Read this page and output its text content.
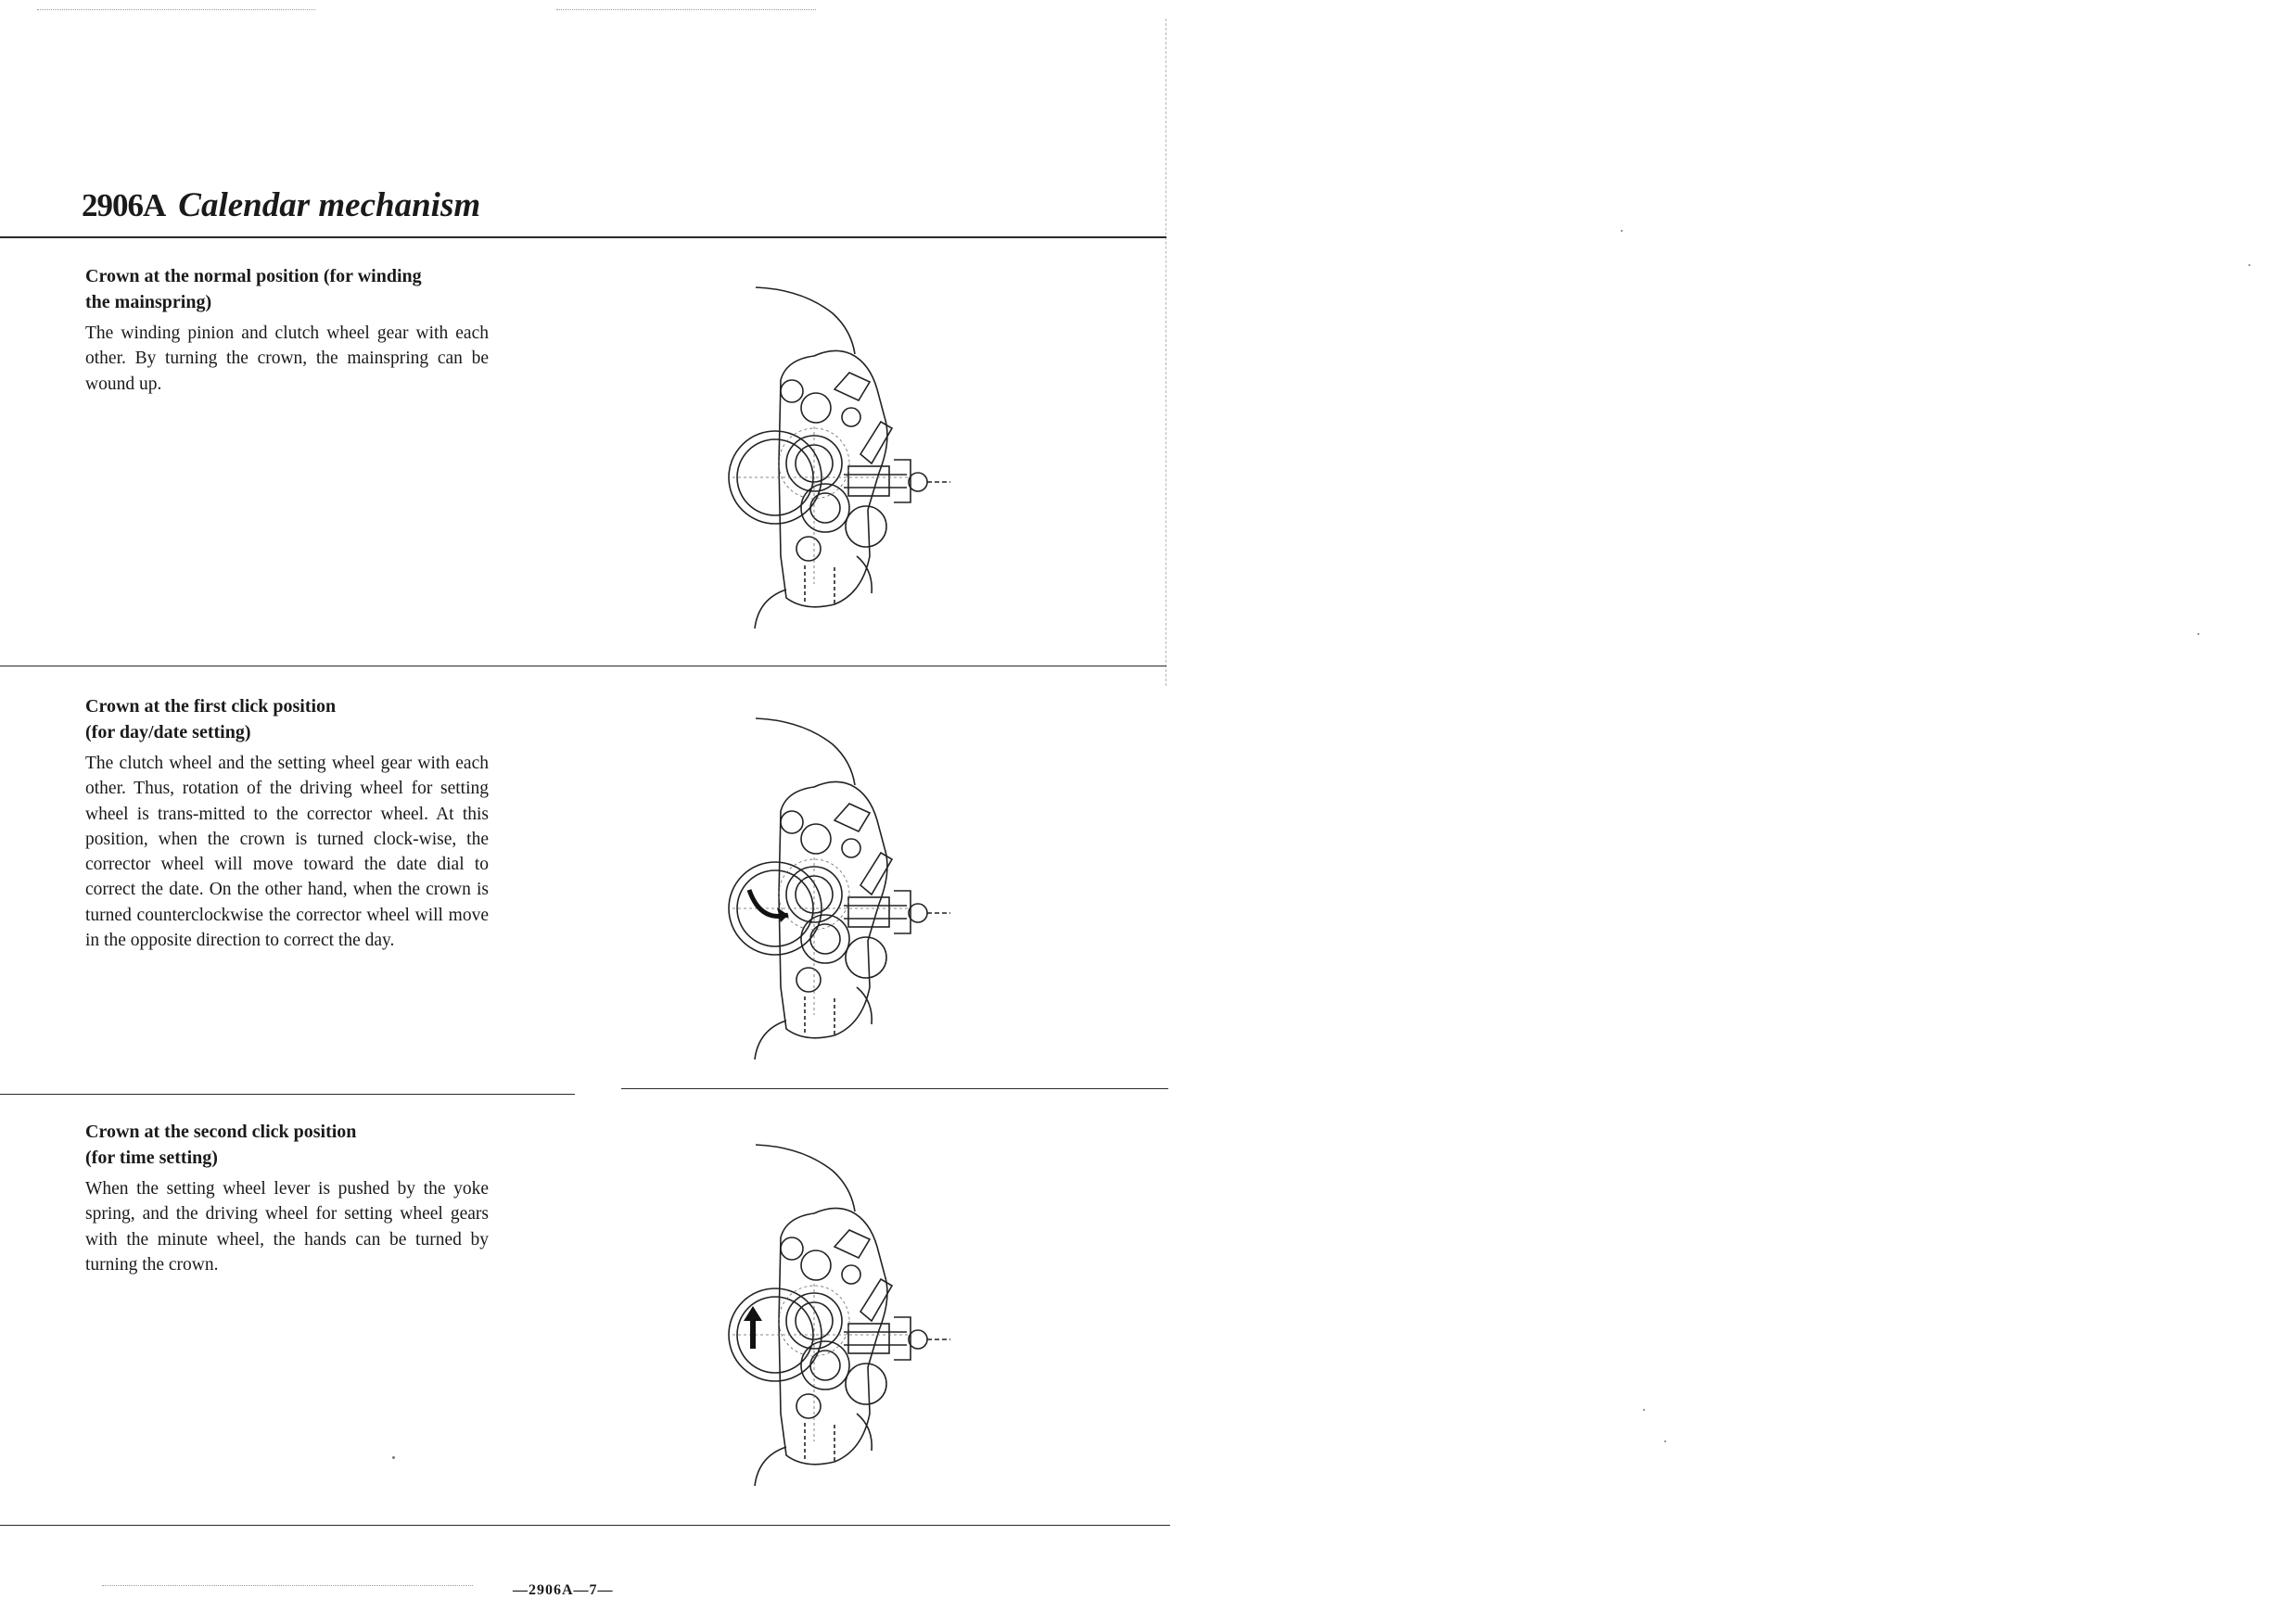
2906A Calendar mechanism

Crown at the normal position (for winding
the mainspring)

The winding pinion and clutch wheel gear with each other. By turning the crown, the mainspring can be wound up.

Crown at the first click position
(for day/date setting)

The clutch wheel and the setting wheel gear with each other. Thus, rotation of the driving wheel for setting wheel is trans-mitted to the corrector wheel. At this position, when the crown is turned clock-wise, the corrector wheel will move toward the date dial to correct the date. On the other hand, when the crown is turned counterclockwise the corrector wheel will move in the opposite direction to correct the day.

Crown at the second click position
(for time setting)

When the setting wheel lever is pushed by the yoke spring, and the driving wheel for setting wheel gears with the minute wheel, the hands can be turned by turning the crown.

—2906A—7—
